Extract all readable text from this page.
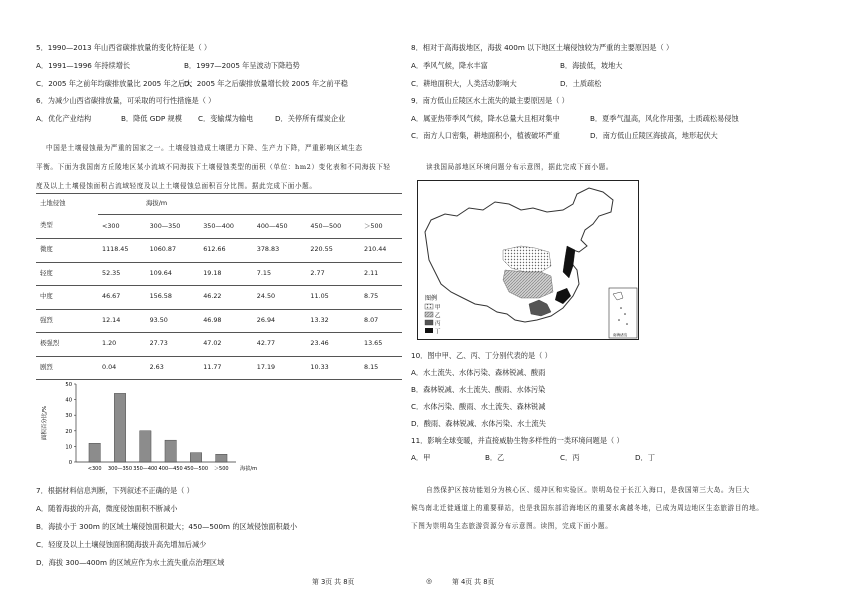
5．1990—2013 年山西省碳排放量的变化特征是（ ）
A．1991—1996 年持续增长	B．1997—2005 年呈波动下降趋势
C．2005 年之前年均碳排放量比 2005 年之后大
D．2005 年之后碳排放量增长较 2005 年之前平稳
6．为减少山西省碳排放量，可采取的可行性措施是（ ）
A．优化产业结构	B．降低 GDP 规模 C．变输煤为输电	D．关停所有煤炭企业
中国是土壤侵蚀最为严重的国家之一。土壤侵蚀造成土壤肥力下降、生产力下降，严重影响区域生态
平衡。下面为我国南方丘陵地区某小流域不同海拔下土壤侵蚀类型的面积（单位：hm2）变化表和不同海拔下轻
度及以上土壤侵蚀面积占流域轻度及以上土壤侵蚀总面积百分比图。据此完成下面小题。
土地侵蚀	海拔/m					
类型	<300	300—350	350—400	400—450	450—500	＞500
微度	1118.45	1060.87	612.66	378.83	220.55	210.44
轻度	52.35	109.64	19.18	7.15	2.77	2.11
中度	46.67	156.58	46.22	24.50	11.05	8.75
强烈	12.14	93.50	46.98	26.94	13.32	8.07
极强烈	1.20	27.73	47.02	42.77	23.46	13.65
剧烈	0.04	2.63	11.77	17.19	10.33	8.15
面积百分比/%
0
10
20
30
40
50
<300 300—350 350—400 400—450 450—500 ＞500 海拔/m
7．根据材料信息判断，下列叙述不正确的是（ ）
A．随着海拔的升高，微度侵蚀面积不断减小
B．海拔小于 300m 的区域土壤侵蚀面积最大；450—500m 的区域侵蚀面积最小
C．轻度及以上土壤侵蚀面积随海拔升高先增加后减少
D．海拔 300—400m 的区域应作为水土流失重点治理区域
第 3页 共 8页	◎
8．相对于高海拔地区，海拔 400m 以下地区土壤侵蚀较为严重的主要原因是（ ）
A．季风气候，降水丰富	B．海拔低，坡地大
C．耕地面积大，人类活动影响大	D．土质疏松
9．南方低山丘陵区水土流失的最主要原因是（ ）
A．属亚热带季风气候，降水总量大且相对集中	B．夏季气温高，风化作用强，土质疏松易侵蚀
C．南方人口密集，耕地面积小，植被破坏严重	D．南方低山丘陵区海拔高，地形起伏大
读我国局部地区环境问题分布示意图，据此完成下面小题。
图例
甲
乙
丙
丁	南海诸岛
10．图中甲、乙、丙、丁分别代表的是（ ）
A．水土流失、水体污染、森林锐减、酸雨
B．森林锐减、水土流失、酸雨、水体污染
C．水体污染、酸雨、水土流失、森林锐减
D．酸雨、森林锐减、水体污染、水土流失
11．影响全球变暖，并直接威胁生物多样性的一类环境问题是（ ）
A．甲	B．乙	C．丙	D．丁
自然保护区按功能划分为核心区、缓冲区和实验区。崇明岛位于长江入海口，是我国第三大岛。为巨大
候鸟南北迁徙通道上的重要驿站，也是我国东部沿海地区的重要水禽越冬地，已成为周边地区生态旅游目的地。
下图为崇明岛生态旅游资源分布示意图。读图，完成下面小题。
第 4页 共 8页
